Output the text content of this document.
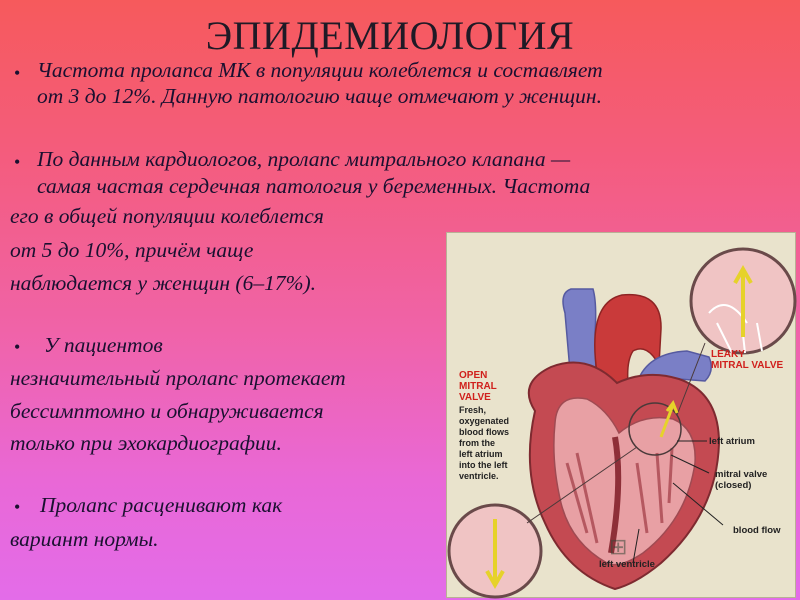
ЭПИДЕМИОЛОГИЯ
• Частота пролапса МК в популяции колеблется и составляет
от 3 до 12%. Данную патологию чаще отмечают у женщин.
• По данным кардиологов, пролапс митрального клапана —
самая частая сердечная патология у беременных. Частота
его в общей популяции колеблется
от 5 до 10%, причём чаще
наблюдается у женщин (6–17%).
• У пациентов
незначительный пролапс протекает
бессимптомно и обнаруживается
только при эхокардиографии.
• Пролапс расценивают как
вариант нормы.
OPEN
MITRAL
VALVE
Fresh,
oxygenated
blood flows
from the
left atrium
into the left
ventricle.
LEAKY
MITRAL VALVE
left atrium
mitral valve
(closed)
blood flow
left ventricle
⊞
